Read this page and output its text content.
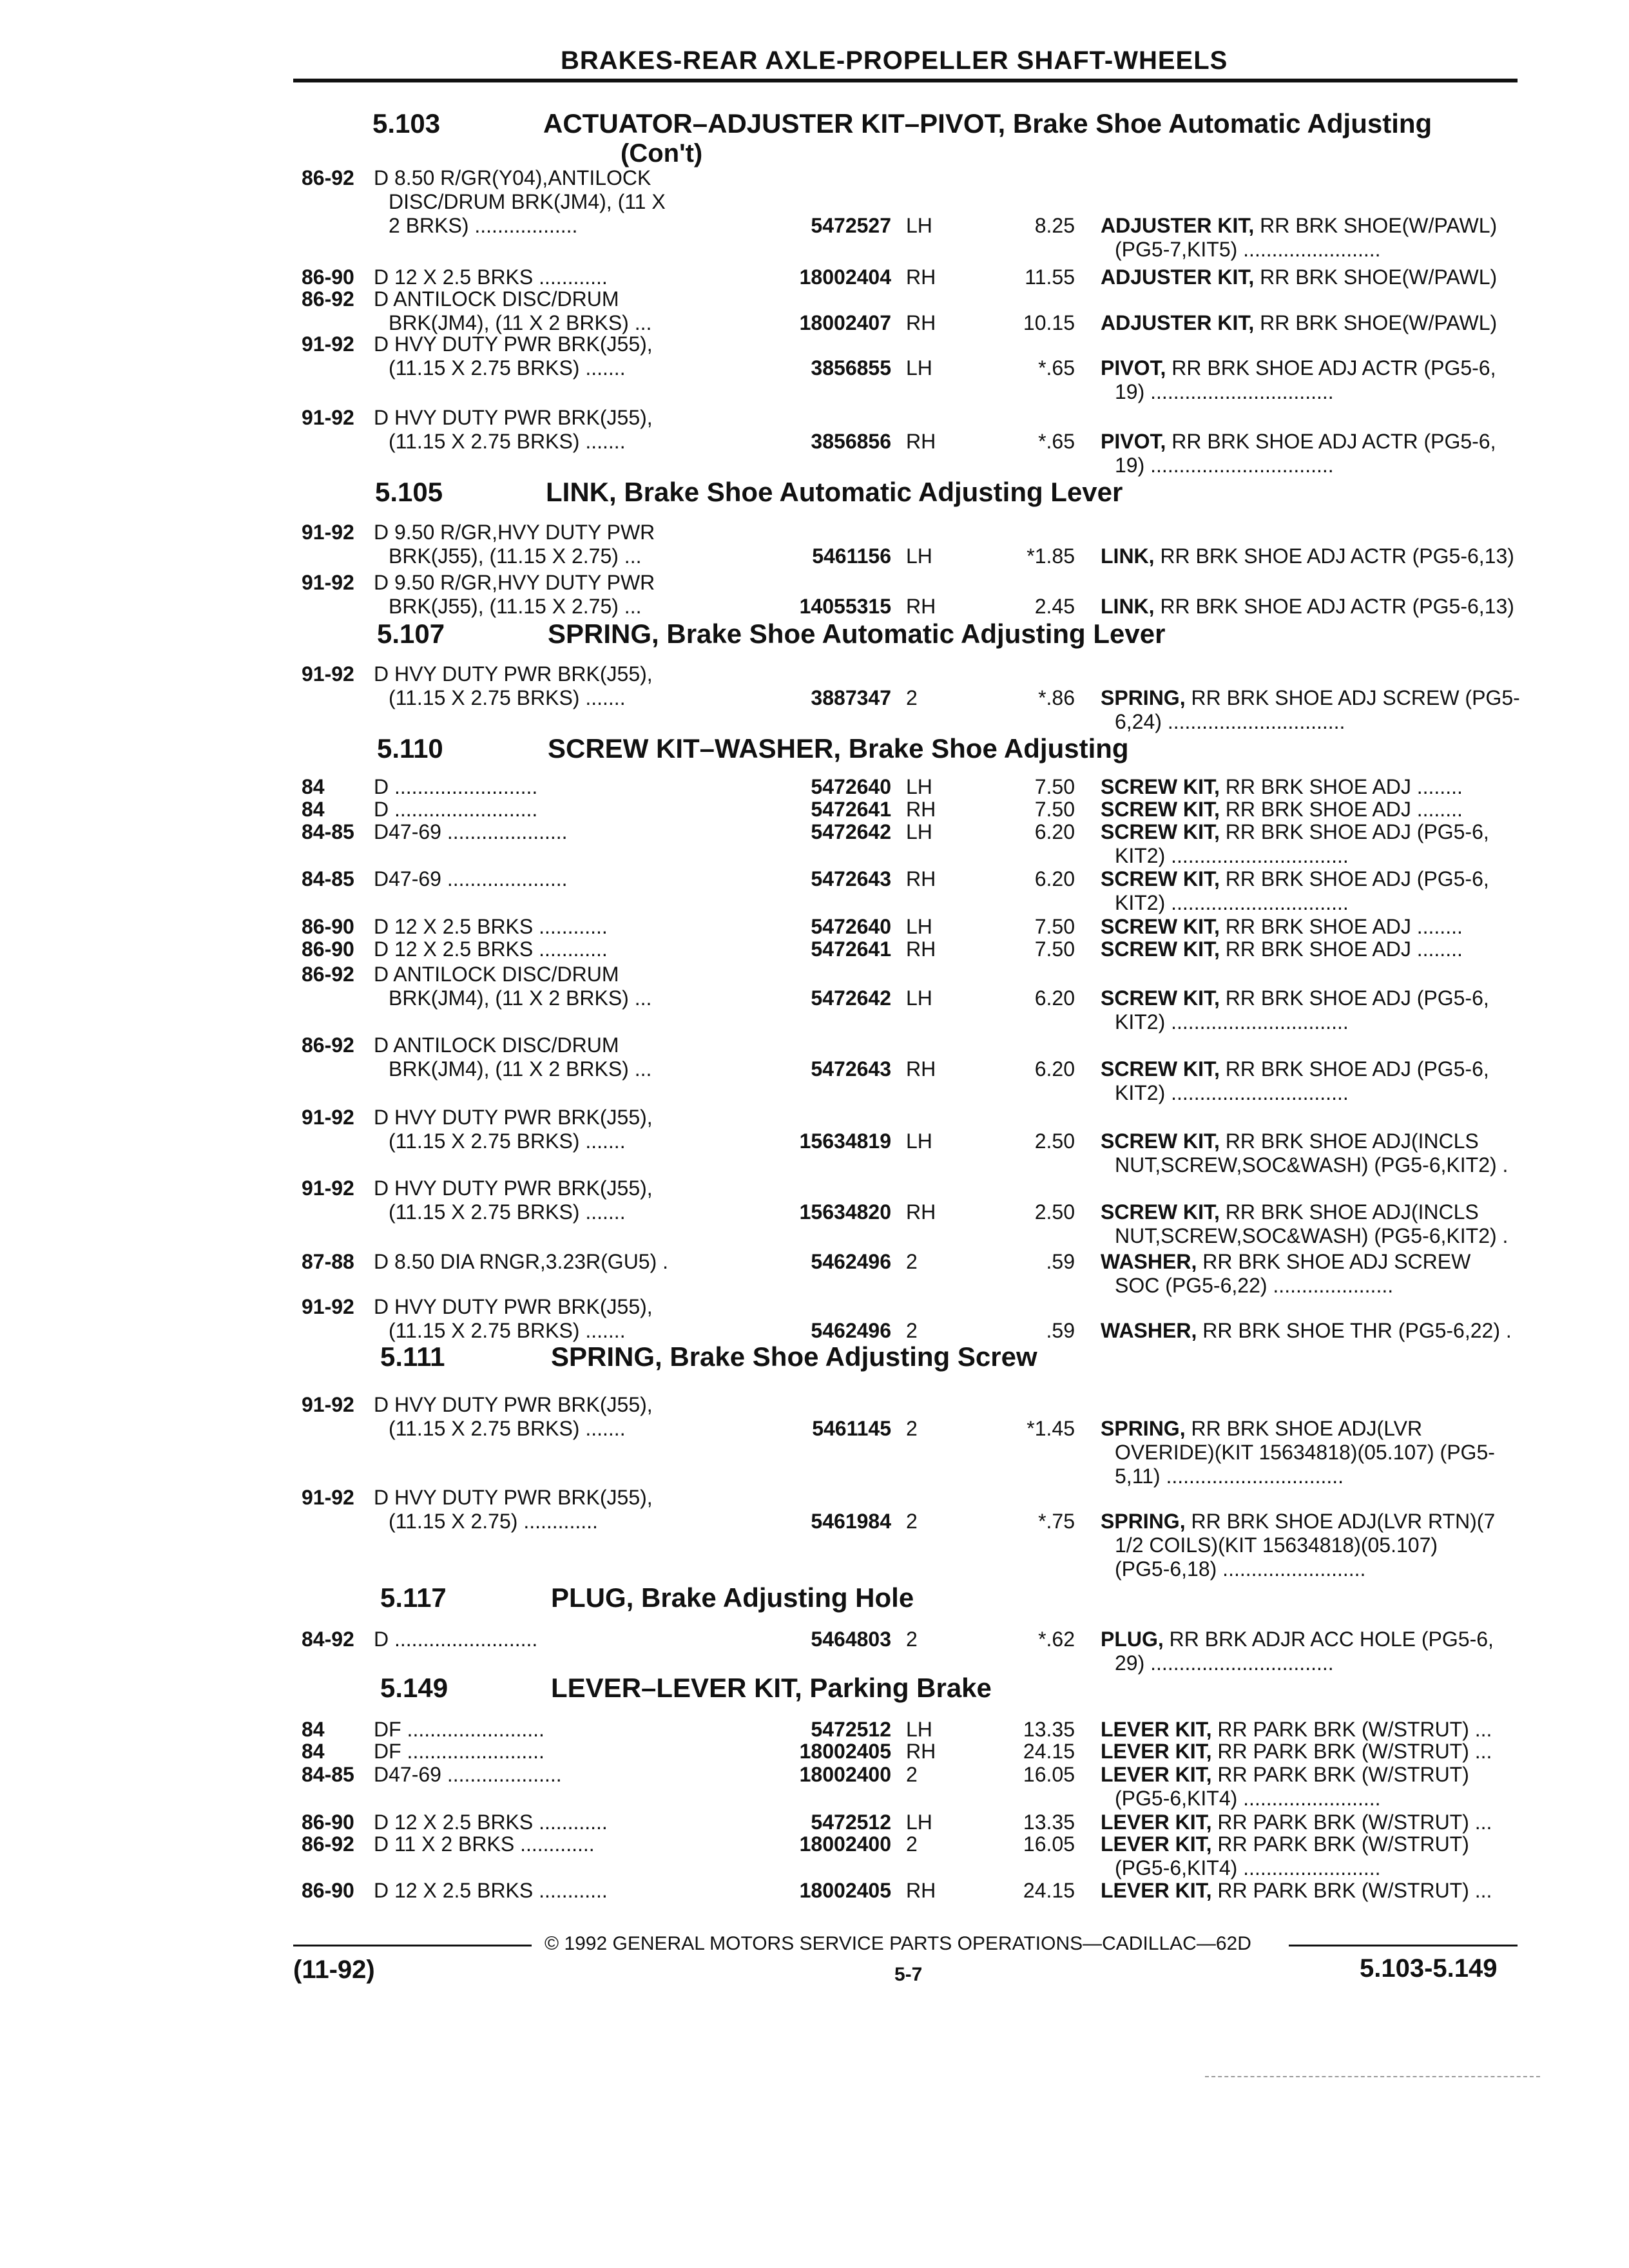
BRAKES-REAR AXLE-PROPELLER SHAFT-WHEELS
5.103	ACTUATOR–ADJUSTER KIT–PIVOT, Brake Shoe Automatic Adjusting
(Con't)
86-92 D 8.50 R/GR(Y04),ANTILOCK
DISC/DRUM BRK(JM4), (11 X
2 BRKS) ..................	5472527 LH	8.25 ADJUSTER KIT, RR BRK SHOE(W/PAWL)
(PG5-7,KIT5) ........................
86-90 D 12 X 2.5 BRKS ............	18002404 RH	11.55 ADJUSTER KIT, RR BRK SHOE(W/PAWL)
86-92 D ANTILOCK DISC/DRUM
BRK(JM4), (11 X 2 BRKS) ...	18002407 RH	10.15 ADJUSTER KIT, RR BRK SHOE(W/PAWL)
91-92 D HVY DUTY PWR BRK(J55),
(11.15 X 2.75 BRKS) .......	3856855 LH	*.65 PIVOT, RR BRK SHOE ADJ ACTR (PG5-6,
19) ................................
91-92 D HVY DUTY PWR BRK(J55),
(11.15 X 2.75 BRKS) .......	3856856 RH	*.65 PIVOT, RR BRK SHOE ADJ ACTR (PG5-6,
19) ................................
5.105	LINK, Brake Shoe Automatic Adjusting Lever
91-92 D 9.50 R/GR,HVY DUTY PWR
BRK(J55), (11.15 X 2.75) ...	5461156 LH	*1.85 LINK, RR BRK SHOE ADJ ACTR (PG5-6,13)
91-92 D 9.50 R/GR,HVY DUTY PWR
BRK(J55), (11.15 X 2.75) ...	14055315 RH	2.45 LINK, RR BRK SHOE ADJ ACTR (PG5-6,13)
5.107	SPRING, Brake Shoe Automatic Adjusting Lever
91-92 D HVY DUTY PWR BRK(J55),
(11.15 X 2.75 BRKS) .......	3887347 2	*.86 SPRING, RR BRK SHOE ADJ SCREW (PG5-
6,24) ...............................
5.110	SCREW KIT–WASHER, Brake Shoe Adjusting
84 D .........................	5472640 LH	7.50 SCREW KIT, RR BRK SHOE ADJ ........
84 D .........................	5472641 RH	7.50 SCREW KIT, RR BRK SHOE ADJ ........
84-85 D47-69 .....................	5472642 LH	6.20 SCREW KIT, RR BRK SHOE ADJ (PG5-6,
KIT2) ...............................
84-85 D47-69 .....................	5472643 RH	6.20 SCREW KIT, RR BRK SHOE ADJ (PG5-6,
KIT2) ...............................
86-90 D 12 X 2.5 BRKS ............	5472640 LH	7.50 SCREW KIT, RR BRK SHOE ADJ ........
86-90 D 12 X 2.5 BRKS ............	5472641 RH	7.50 SCREW KIT, RR BRK SHOE ADJ ........
86-92 D ANTILOCK DISC/DRUM
BRK(JM4), (11 X 2 BRKS) ...	5472642 LH	6.20 SCREW KIT, RR BRK SHOE ADJ (PG5-6,
KIT2) ...............................
86-92 D ANTILOCK DISC/DRUM
BRK(JM4), (11 X 2 BRKS) ...	5472643 RH	6.20 SCREW KIT, RR BRK SHOE ADJ (PG5-6,
KIT2) ...............................
91-92 D HVY DUTY PWR BRK(J55),
(11.15 X 2.75 BRKS) .......	15634819 LH	2.50 SCREW KIT, RR BRK SHOE ADJ(INCLS
NUT,SCREW,SOC&WASH) (PG5-6,KIT2) .
91-92 D HVY DUTY PWR BRK(J55),
(11.15 X 2.75 BRKS) .......	15634820 RH	2.50 SCREW KIT, RR BRK SHOE ADJ(INCLS
NUT,SCREW,SOC&WASH) (PG5-6,KIT2) .
87-88 D 8.50 DIA RNGR,3.23R(GU5) .	5462496 2	.59 WASHER, RR BRK SHOE ADJ SCREW
SOC (PG5-6,22) .....................
91-92 D HVY DUTY PWR BRK(J55),
(11.15 X 2.75 BRKS) .......	5462496 2	.59 WASHER, RR BRK SHOE THR (PG5-6,22) .
5.111	SPRING, Brake Shoe Adjusting Screw
91-92 D HVY DUTY PWR BRK(J55),
(11.15 X 2.75 BRKS) .......	5461145 2	*1.45 SPRING, RR BRK SHOE ADJ(LVR
OVERIDE)(KIT 15634818)(05.107) (PG5-
5,11) ...............................
91-92 D HVY DUTY PWR BRK(J55),
(11.15 X 2.75) .............	5461984 2	*.75 SPRING, RR BRK SHOE ADJ(LVR RTN)(7
1/2 COILS)(KIT 15634818)(05.107)
(PG5-6,18) .........................
5.117	PLUG, Brake Adjusting Hole
84-92 D .........................	5464803 2	*.62 PLUG, RR BRK ADJR ACC HOLE (PG5-6,
29) ................................
5.149	LEVER–LEVER KIT, Parking Brake
84 DF ........................	5472512 LH	13.35 LEVER KIT, RR PARK BRK (W/STRUT) ...
84 DF ........................	18002405 RH	24.15 LEVER KIT, RR PARK BRK (W/STRUT) ...
84-85 D47-69 ....................	18002400 2	16.05 LEVER KIT, RR PARK BRK (W/STRUT)
(PG5-6,KIT4) ........................
86-90 D 12 X 2.5 BRKS ............	5472512 LH	13.35 LEVER KIT, RR PARK BRK (W/STRUT) ...
86-92 D 11 X 2 BRKS .............	18002400 2	16.05 LEVER KIT, RR PARK BRK (W/STRUT)
(PG5-6,KIT4) ........................
86-90 D 12 X 2.5 BRKS ............	18002405 RH	24.15 LEVER KIT, RR PARK BRK (W/STRUT) ...
© 1992 GENERAL MOTORS SERVICE PARTS OPERATIONS—CADILLAC—62D
(11-92)	5-7	5.103-5.149
